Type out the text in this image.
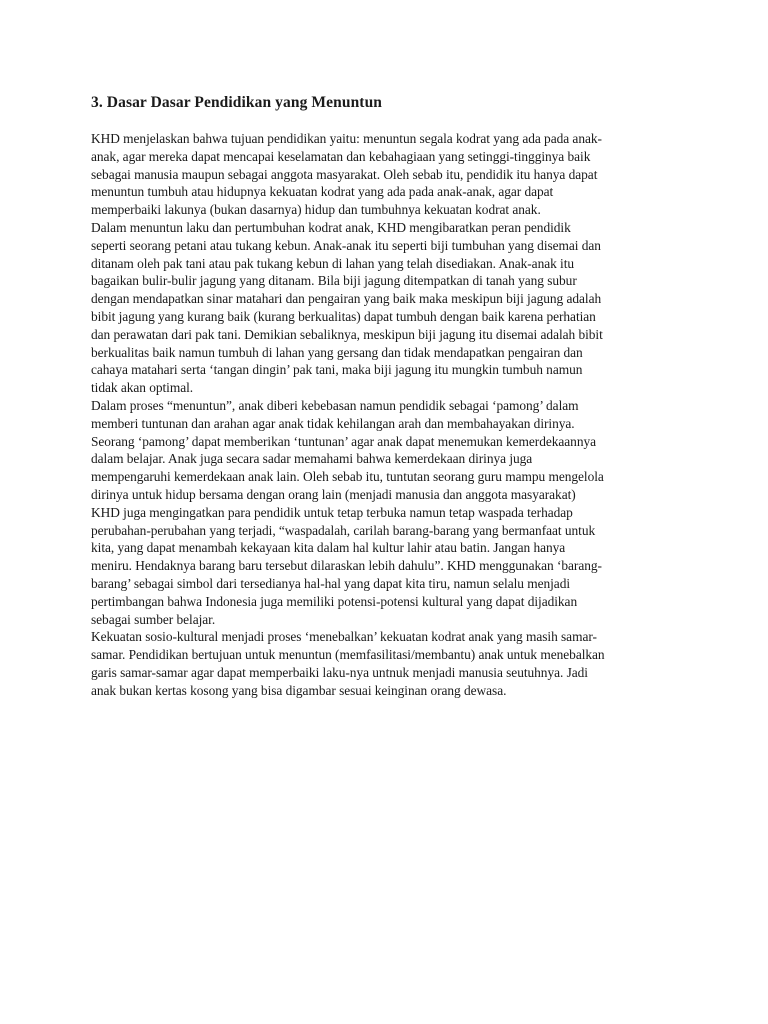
3. Dasar Dasar Pendidikan yang Menuntun

KHD menjelaskan bahwa tujuan pendidikan yaitu: menuntun segala kodrat yang ada pada anak-
anak, agar mereka dapat mencapai keselamatan dan kebahagiaan yang setinggi-tingginya baik
sebagai manusia maupun sebagai anggota masyarakat. Oleh sebab itu, pendidik itu hanya dapat
menuntun tumbuh atau hidupnya kekuatan kodrat yang ada pada anak-anak, agar dapat
memperbaiki lakunya (bukan dasarnya) hidup dan tumbuhnya kekuatan kodrat anak.

Dalam menuntun laku dan pertumbuhan kodrat anak, KHD mengibaratkan peran pendidik
seperti seorang petani atau tukang kebun. Anak-anak itu seperti biji tumbuhan yang disemai dan
ditanam oleh pak tani atau pak tukang kebun di lahan yang telah disediakan. Anak-anak itu
bagaikan bulir-bulir jagung yang ditanam. Bila biji jagung ditempatkan di tanah yang subur
dengan mendapatkan sinar matahari dan pengairan yang baik maka meskipun biji jagung adalah
bibit jagung yang kurang baik (kurang berkualitas) dapat tumbuh dengan baik karena perhatian
dan perawatan dari pak tani. Demikian sebaliknya, meskipun biji jagung itu disemai adalah bibit
berkualitas baik namun tumbuh di lahan yang gersang dan tidak mendapatkan pengairan dan
cahaya matahari serta ‘tangan dingin’ pak tani, maka biji jagung itu mungkin tumbuh namun
tidak akan optimal.

Dalam proses “menuntun”, anak diberi kebebasan namun pendidik sebagai ‘pamong’ dalam
memberi tuntunan dan arahan agar anak tidak kehilangan arah dan membahayakan dirinya.
Seorang ‘pamong’ dapat memberikan ‘tuntunan’ agar anak dapat menemukan kemerdekaannya
dalam belajar. Anak juga secara sadar memahami bahwa kemerdekaan dirinya juga
mempengaruhi kemerdekaan anak lain. Oleh sebab itu, tuntutan seorang guru mampu mengelola
dirinya untuk hidup bersama dengan orang lain (menjadi manusia dan anggota masyarakat)

KHD juga mengingatkan para pendidik untuk tetap terbuka namun tetap waspada terhadap
perubahan-perubahan yang terjadi, “waspadalah, carilah barang-barang yang bermanfaat untuk
kita, yang dapat menambah kekayaan kita dalam hal kultur lahir atau batin. Jangan hanya
meniru. Hendaknya barang baru tersebut dilaraskan lebih dahulu”. KHD menggunakan ‘barang-
barang’ sebagai simbol dari tersedianya hal-hal yang dapat kita tiru, namun selalu menjadi
pertimbangan bahwa Indonesia juga memiliki potensi-potensi kultural yang dapat dijadikan
sebagai sumber belajar.

Kekuatan sosio-kultural menjadi proses ‘menebalkan’ kekuatan kodrat anak yang masih samar-
samar. Pendidikan bertujuan untuk menuntun (memfasilitasi/membantu) anak untuk menebalkan
garis samar-samar agar dapat memperbaiki laku-nya untnuk menjadi manusia seutuhnya. Jadi
anak bukan kertas kosong yang bisa digambar sesuai keinginan orang dewasa.
